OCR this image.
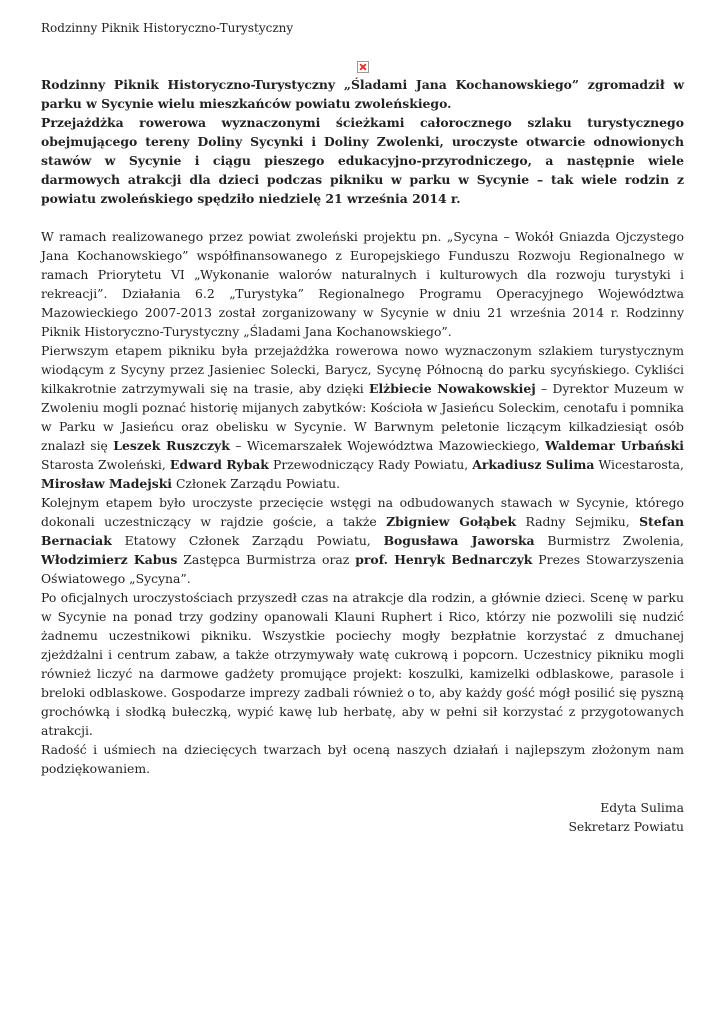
Rodzinny Piknik Historyczno-Turystyczny

Rodzinny Piknik Historyczno-Turystyczny „Śladami Jana Kochanowskiego” zgromadził w parku w Sycynie wielu mieszkańców powiatu zwoleńskiego.

Przejażdżka rowerowa wyznaczonymi ścieżkami całorocznego szlaku turystycznego obejmującego tereny Doliny Sycynki i Doliny Zwolenki, uroczyste otwarcie odnowionych stawów w Sycynie i ciągu pieszego edukacyjno-przyrodniczego, a następnie wiele darmowych atrakcji dla dzieci podczas pikniku w parku w Sycynie – tak wiele rodzin z powiatu zwoleńskiego spędziło niedzielę 21 września 2014 r.

W ramach realizowanego przez powiat zwoleński projektu pn. „Sycyna – Wokół Gniazda Ojczystego Jana Kochanowskiego” współfinansowanego z Europejskiego Funduszu Rozwoju Regionalnego w ramach Priorytetu VI „Wykonanie walorów naturalnych i kulturowych dla rozwoju turystyki i rekreacji”. Działania 6.2 „Turystyka” Regionalnego Programu Operacyjnego Województwa Mazowieckiego 2007-2013 został zorganizowany w Sycynie w dniu 21 września 2014 r. Rodzinny Piknik Historyczno-Turystyczny „Śladami Jana Kochanowskiego”.

Pierwszym etapem pikniku była przejażdżka rowerowa nowo wyznaczonym szlakiem turystycznym wiodącym z Sycyny przez Jasieniec Solecki, Barycz, Sycynę Północną do parku sycyńskiego. Cykliści kilkakrotnie zatrzymywali się na trasie, aby dzięki Elżbiecie Nowakowskiej – Dyrektor Muzeum w Zwoleniu mogli poznać historię mijanych zabytków: Kościoła w Jasieńcu Soleckim, cenotafu i pomnika w Parku w Jasieńcu oraz obelisku w Sycynie. W Barwnym peletonie liczącym kilkadziesiąt osób znalazł się Leszek Ruszczyk – Wicemarszałek Województwa Mazowieckiego, Waldemar Urbański Starosta Zwoleński, Edward Rybak Przewodniczący Rady Powiatu, Arkadiusz Sulima Wicestarosta, Mirosław Madejski Członek Zarządu Powiatu.

Kolejnym etapem było uroczyste przecięcie wstęgi na odbudowanych stawach w Sycynie, którego dokonali uczestniczący w rajdzie goście, a także Zbigniew Gołąbek Radny Sejmiku, Stefan Bernaciak Etatowy Członek Zarządu Powiatu, Bogusława Jaworska Burmistrz Zwolenia, Włodzimierz Kabus Zastępca Burmistrza oraz prof. Henryk Bednarczyk Prezes Stowarzyszenia Oświatowego „Sycyna”.

Po oficjalnych uroczystościach przyszedł czas na atrakcje dla rodzin, a głównie dzieci. Scenę w parku w Sycynie na ponad trzy godziny opanowali Klauni Ruphert i Rico, którzy nie pozwolili się nudzić żadnemu uczestnikowi pikniku. Wszystkie pociechy mogły bezpłatnie korzystać z dmuchanej zjeżdżalni i centrum zabaw, a także otrzymywały watę cukrową i popcorn. Uczestnicy pikniku mogli również liczyć na darmowe gadżety promujące projekt: koszulki, kamizelki odblaskowe, parasole i breloki odblaskowe. Gospodarze imprezy zadbali również o to, aby każdy gość mógł posilić się pyszną grochówką i słodką bułeczką, wypić kawę lub herbatę, aby w pełni sił korzystać z przygotowanych atrakcji.

Radość i uśmiech na dziecięcych twarzach był oceną naszych działań i najlepszym złożonym nam podziękowaniem.

Edyta Sulima
Sekretarz Powiatu
